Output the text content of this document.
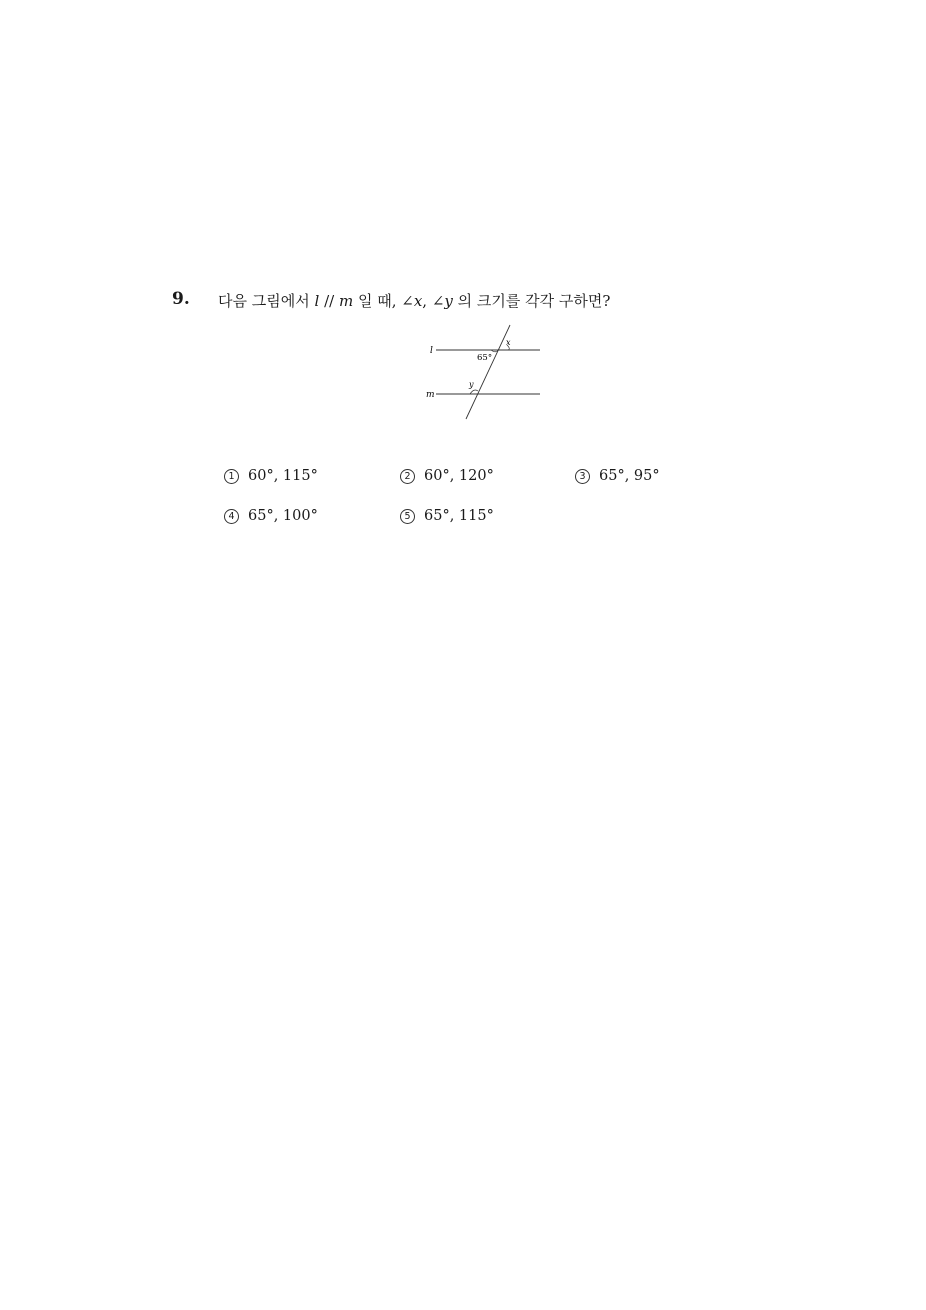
9. 다음 그림에서 l // m 일 때, ∠x, ∠y 의 크기를 각각 구하면?
l
m
x
65°
y
1 60°, 115°	2 60°, 120°	3 65°, 95°
4 65°, 100°	5 65°, 115°
